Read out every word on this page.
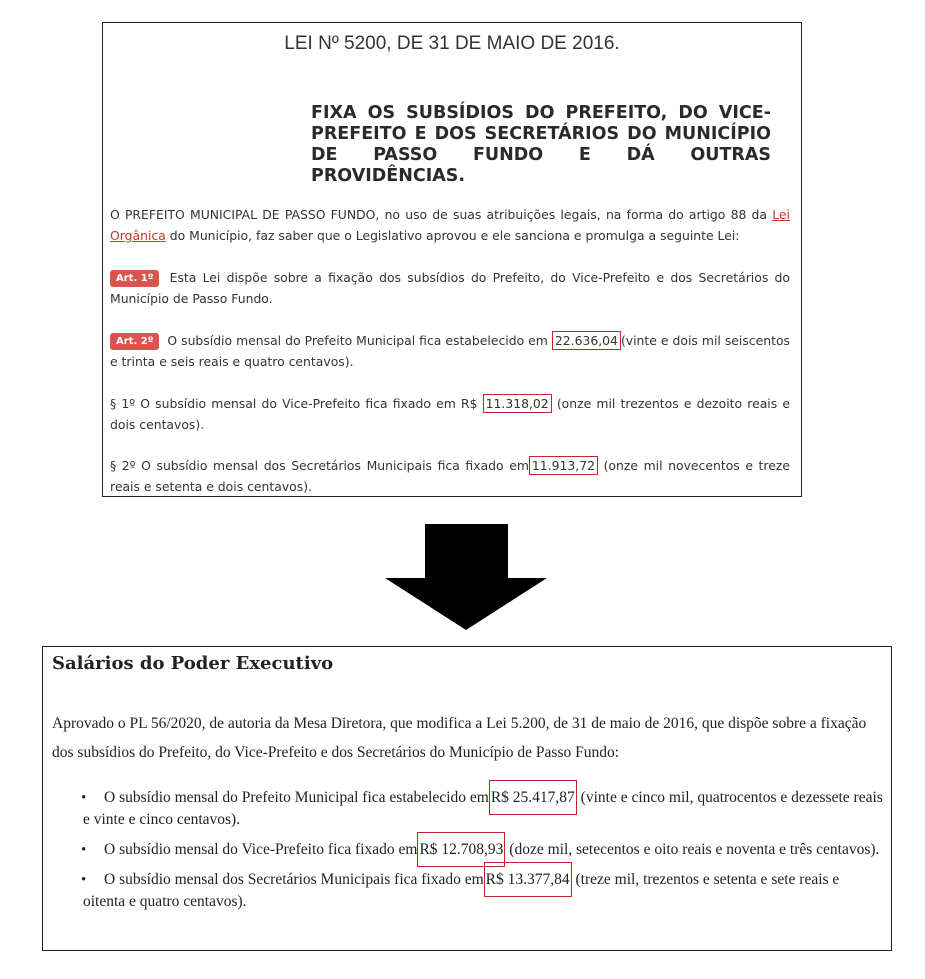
LEI Nº 5200, DE 31 DE MAIO DE 2016.
FIXA OS SUBSÍDIOS DO PREFEITO, DO VICE-PREFEITO E DOS SECRETÁRIOS DO MUNICÍPIO DE PASSO FUNDO E DÁ OUTRAS PROVIDÊNCIAS.
O PREFEITO MUNICIPAL DE PASSO FUNDO, no uso de suas atribuições legais, na forma do artigo 88 da Lei Orgânica do Município, faz saber que o Legislativo aprovou e ele sanciona e promulga a seguinte Lei:
Art. 1º Esta Lei dispõe sobre a fixação dos subsídios do Prefeito, do Vice-Prefeito e dos Secretários do Município de Passo Fundo.
Art. 2º O subsídio mensal do Prefeito Municipal fica estabelecido em 22.636,04 (vinte e dois mil seiscentos e trinta e seis reais e quatro centavos).
§ 1º O subsídio mensal do Vice-Prefeito fica fixado em R$ 11.318,02 (onze mil trezentos e dezoito reais e dois centavos).
§ 2º O subsídio mensal dos Secretários Municipais fica fixado em 11.913,72 (onze mil novecentos e treze reais e setenta e dois centavos).
Salários do Poder Executivo
Aprovado o PL 56/2020, de autoria da Mesa Diretora, que modifica a Lei 5.200, de 31 de maio de 2016, que dispõe sobre a fixação dos subsídios do Prefeito, do Vice-Prefeito e dos Secretários do Município de Passo Fundo:
• O subsídio mensal do Prefeito Municipal fica estabelecido em R$ 25.417,87 (vinte e cinco mil, quatrocentos e dezessete reais e vinte e cinco centavos).
• O subsídio mensal do Vice-Prefeito fica fixado em R$ 12.708,93 (doze mil, setecentos e oito reais e noventa e três centavos).
• O subsídio mensal dos Secretários Municipais fica fixado em R$ 13.377,84 (treze mil, trezentos e setenta e sete reais e oitenta e quatro centavos).
